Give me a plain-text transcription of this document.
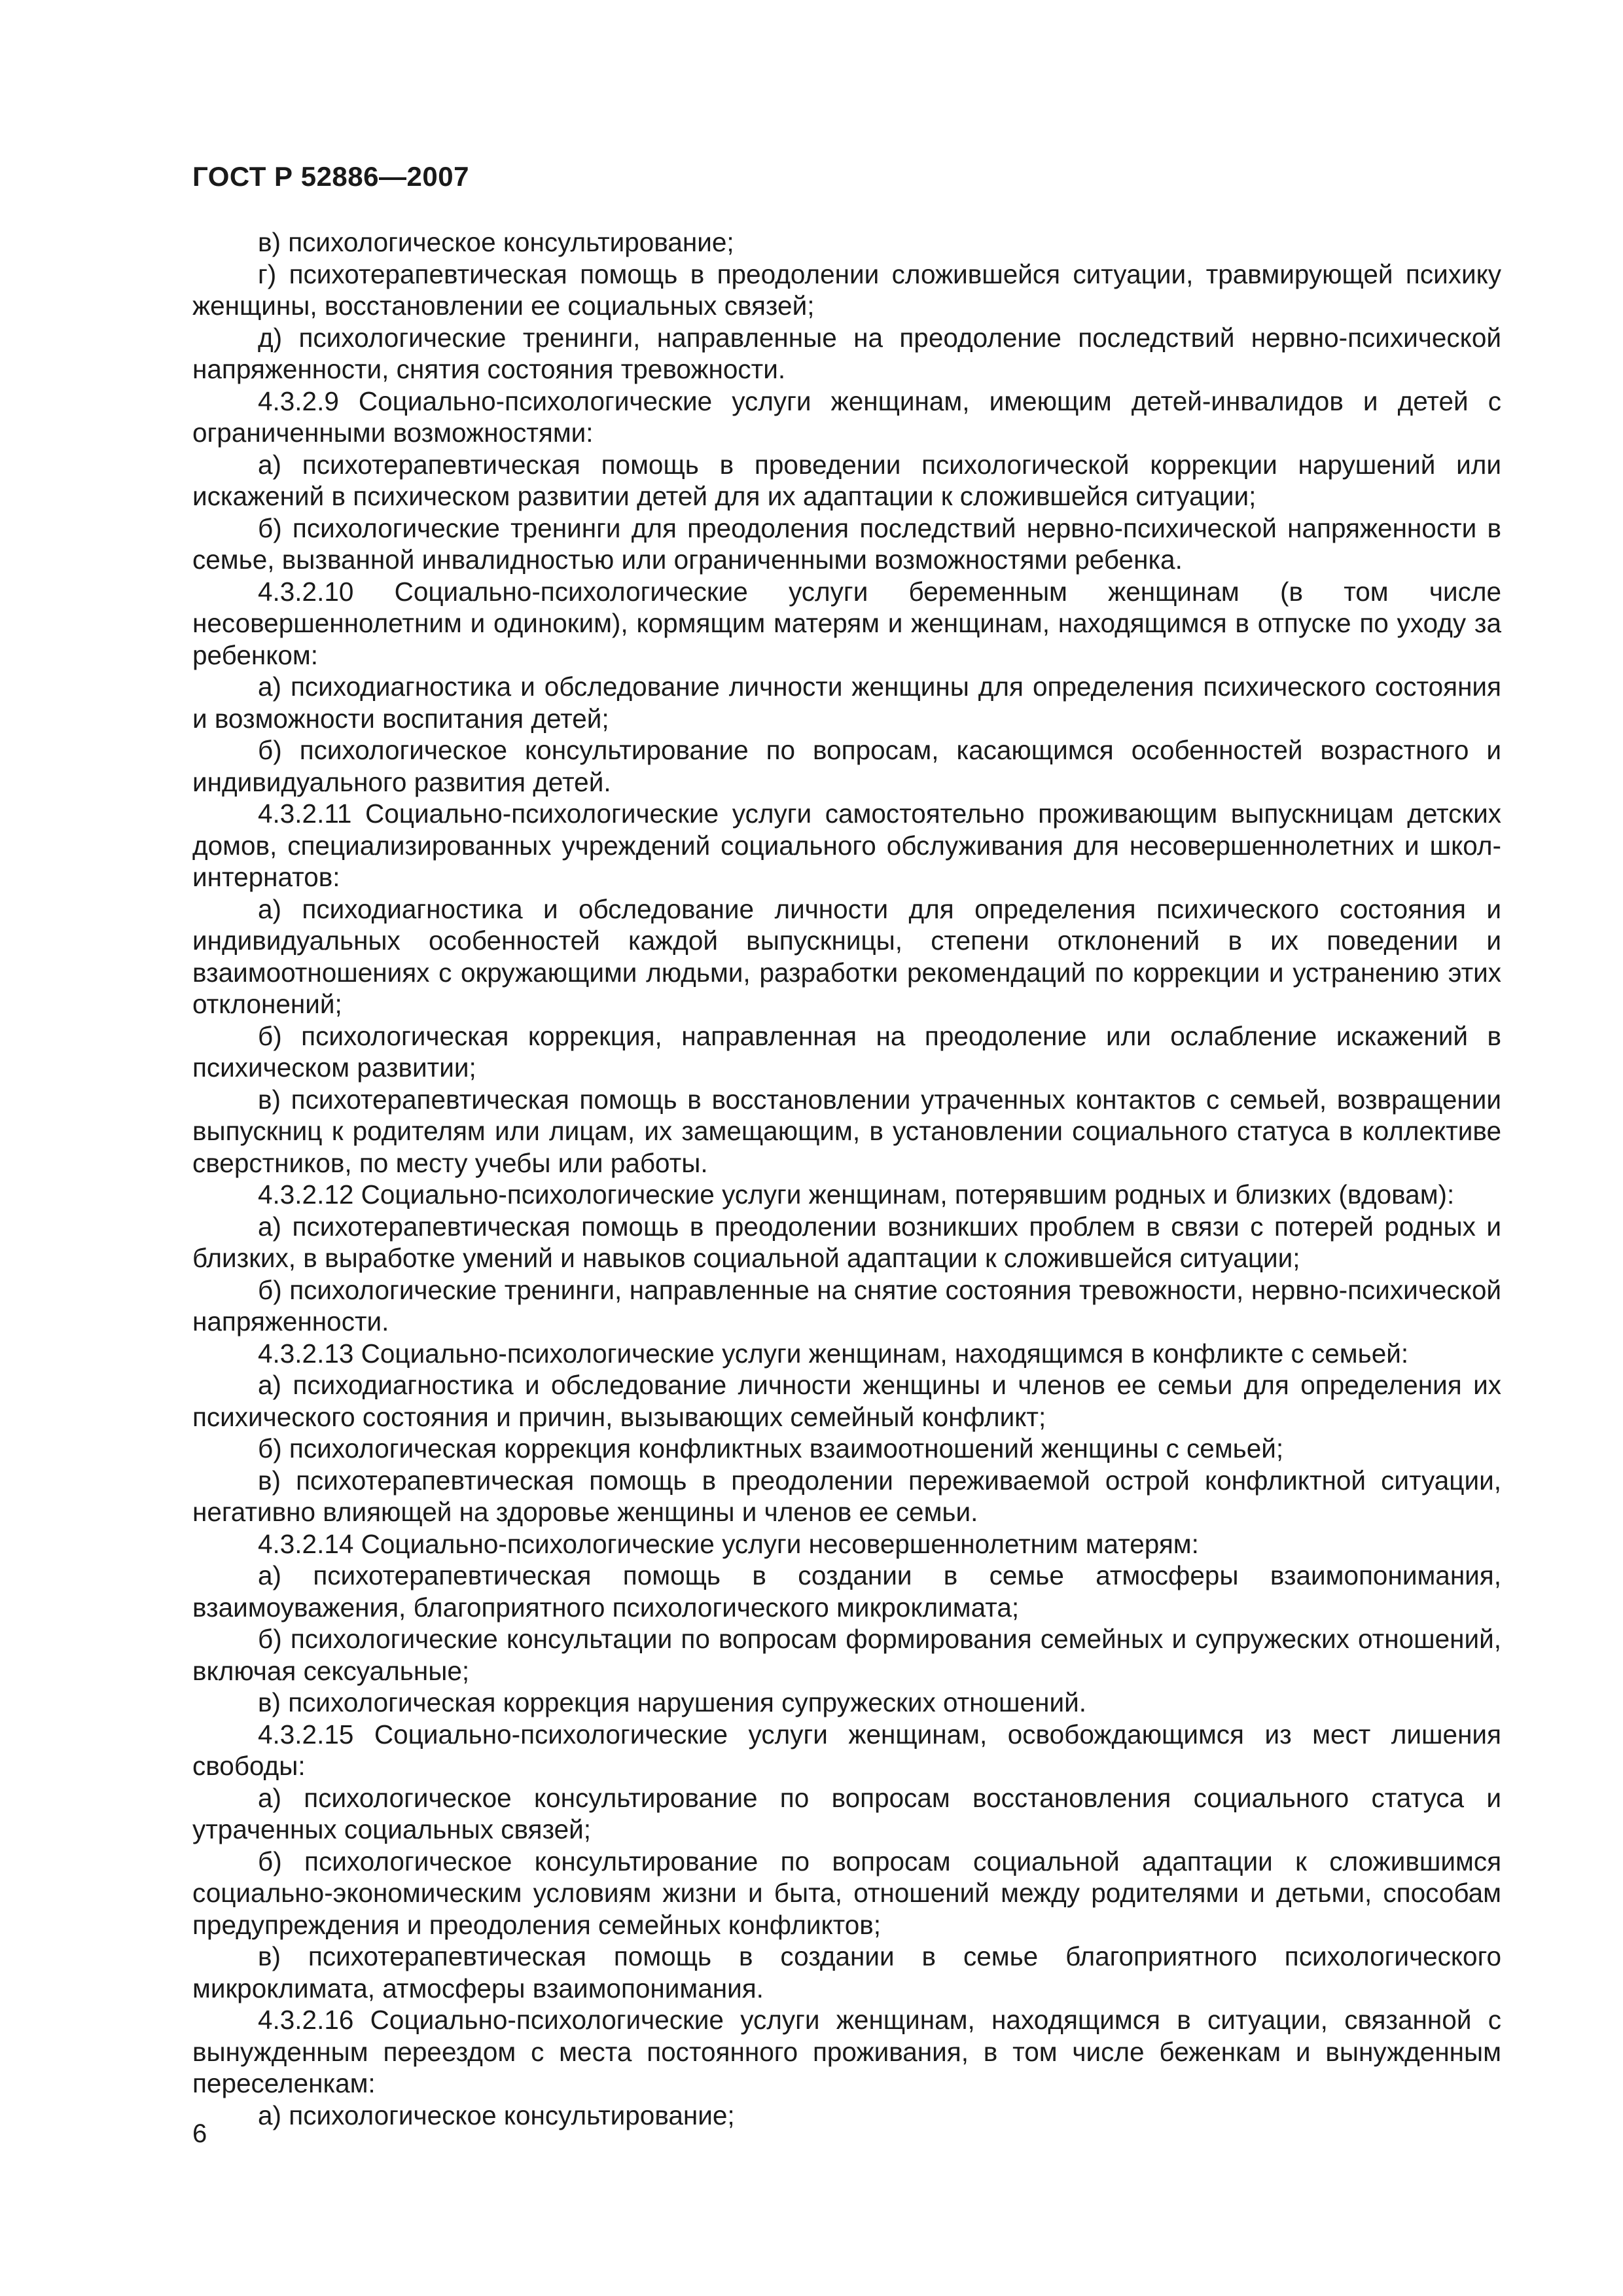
ГОСТ Р 52886—2007

в) психологическое консультирование;

г) психотерапевтическая помощь в преодолении сложившейся ситуации, травмирующей психику женщины, восстановлении ее социальных связей;

д) психологические тренинги, направленные на преодоление последствий нервно-психической напряженности, снятия состояния тревожности.

4.3.2.9 Социально-психологические услуги женщинам, имеющим детей-инвалидов и детей с ограниченными возможностями:

а) психотерапевтическая помощь в проведении психологической коррекции нарушений или искажений в психическом развитии детей для их адаптации к сложившейся ситуации;

б) психологические тренинги для преодоления последствий нервно-психической напряженности в семье, вызванной инвалидностью или ограниченными возможностями ребенка.

4.3.2.10 Социально-психологические услуги беременным женщинам (в том числе несовершеннолетним и одиноким), кормящим матерям и женщинам, находящимся в отпуске по уходу за ребенком:

а) психодиагностика и обследование личности женщины для определения психического состояния и возможности воспитания детей;

б) психологическое консультирование по вопросам, касающимся особенностей возрастного и индивидуального развития детей.

4.3.2.11 Социально-психологические услуги самостоятельно проживающим выпускницам детских домов, специализированных учреждений социального обслуживания для несовершеннолетних и школ-интернатов:

а) психодиагностика и обследование личности для определения психического состояния и индивидуальных особенностей каждой выпускницы, степени отклонений в их поведении и взаимоотношениях с окружающими людьми, разработки рекомендаций по коррекции и устранению этих отклонений;

б) психологическая коррекция, направленная на преодоление или ослабление искажений в психическом развитии;

в) психотерапевтическая помощь в восстановлении утраченных контактов с семьей, возвращении выпускниц к родителям или лицам, их замещающим, в установлении социального статуса в коллективе сверстников, по месту учебы или работы.

4.3.2.12 Социально-психологические услуги женщинам, потерявшим родных и близких (вдовам):

а) психотерапевтическая помощь в преодолении возникших проблем в связи с потерей родных и близких, в выработке умений и навыков социальной адаптации к сложившейся ситуации;

б) психологические тренинги, направленные на снятие состояния тревожности, нервно-психической напряженности.

4.3.2.13 Социально-психологические услуги женщинам, находящимся в конфликте с семьей:

а) психодиагностика и обследование личности женщины и членов ее семьи для определения их психического состояния и причин, вызывающих семейный конфликт;

б) психологическая коррекция конфликтных взаимоотношений женщины с семьей;

в) психотерапевтическая помощь в преодолении переживаемой острой конфликтной ситуации, негативно влияющей на здоровье женщины и членов ее семьи.

4.3.2.14 Социально-психологические услуги несовершеннолетним матерям:

а) психотерапевтическая помощь в создании в семье атмосферы взаимопонимания, взаимоуважения, благоприятного психологического микроклимата;

б) психологические консультации по вопросам формирования семейных и супружеских отношений, включая сексуальные;

в) психологическая коррекция нарушения супружеских отношений.

4.3.2.15 Социально-психологические услуги женщинам, освобождающимся из мест лишения свободы:

а) психологическое консультирование по вопросам восстановления социального статуса и утраченных социальных связей;

б) психологическое консультирование по вопросам социальной адаптации к сложившимся социально-экономическим условиям жизни и быта, отношений между родителями и детьми, способам предупреждения и преодоления семейных конфликтов;

в) психотерапевтическая помощь в создании в семье благоприятного психологического микроклимата, атмосферы взаимопонимания.

4.3.2.16 Социально-психологические услуги женщинам, находящимся в ситуации, связанной с вынужденным переездом с места постоянного проживания, в том числе беженкам и вынужденным переселенкам:

а) психологическое консультирование;

6
